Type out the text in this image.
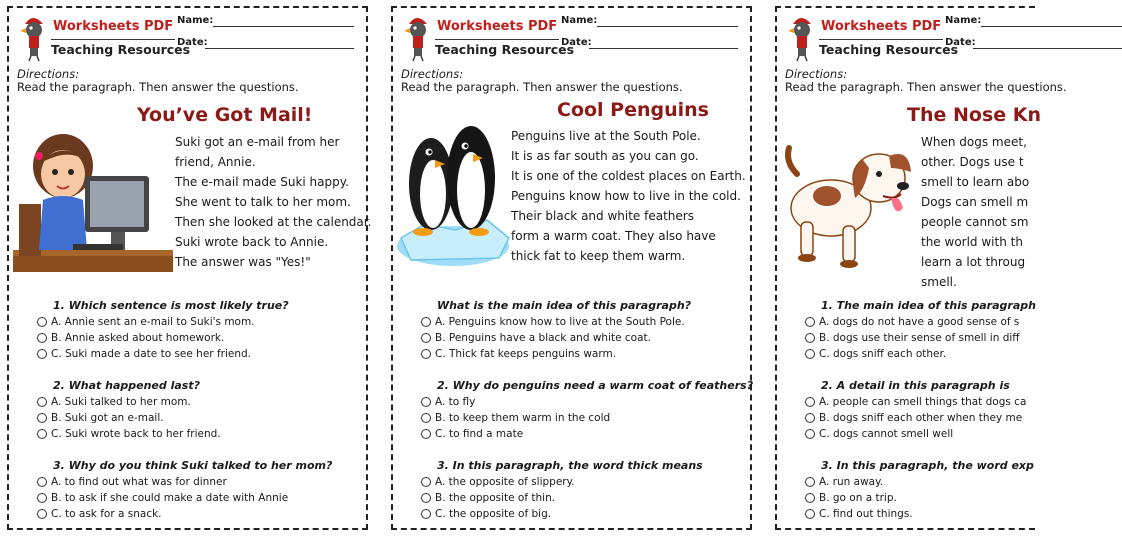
Worksheets PDF
Teaching Resources
Name:
Date:
Directions:
Read the paragraph. Then answer the questions.
You’ve Got Mail!
Suki got an e-mail from her
friend, Annie.
The e-mail made Suki happy.
She went to talk to her mom.
Then she looked at the calendar.
Suki wrote back to Annie.
The answer was "Yes!"
1. Which sentence is most likely true?
A. Annie sent an e-mail to Suki's mom.
B. Annie asked about homework.
C. Suki made a date to see her friend.
2. What happened last?
A. Suki talked to her mom.
B. Suki got an e-mail.
C. Suki wrote back to her friend.
3. Why do you think Suki talked to her mom?
A. to find out what was for dinner
B. to ask if she could make a date with Annie
C. to ask for a snack.
Worksheets PDF
Teaching Resources
Name:
Date:
Directions:
Read the paragraph. Then answer the questions.
Cool Penguins
Penguins live at the South Pole.
It is as far south as you can go.
It is one of the coldest places on Earth.
Penguins know how to live in the cold.
Their black and white feathers
form a warm coat. They also have
thick fat to keep them warm.
What is the main idea of this paragraph?
A. Penguins know how to live at the South Pole.
B. Penguins have a black and white coat.
C. Thick fat keeps penguins warm.
2. Why do penguins need a warm coat of feathers?
A. to fly
B. to keep them warm in the cold
C. to find a mate
3. In this paragraph, the word thick means
A. the opposite of slippery.
B. the opposite of thin.
C. the opposite of big.
Worksheets PDF
Teaching Resources
Name:
Date:
Directions:
Read the paragraph. Then answer the questions.
The Nose Kn
When dogs meet,
other. Dogs use t
smell to learn abo
Dogs can smell m
people cannot sm
the world with th
learn a lot throug
smell.
1. The main idea of this paragraph
A. dogs do not have a good sense of s
B. dogs use their sense of smell in diff
C. dogs sniff each other.
2. A detail in this paragraph is
A. people can smell things that dogs ca
B. dogs sniff each other when they me
C. dogs cannot smell well
3. In this paragraph, the word exp
A. run away.
B. go on a trip.
C. find out things.
